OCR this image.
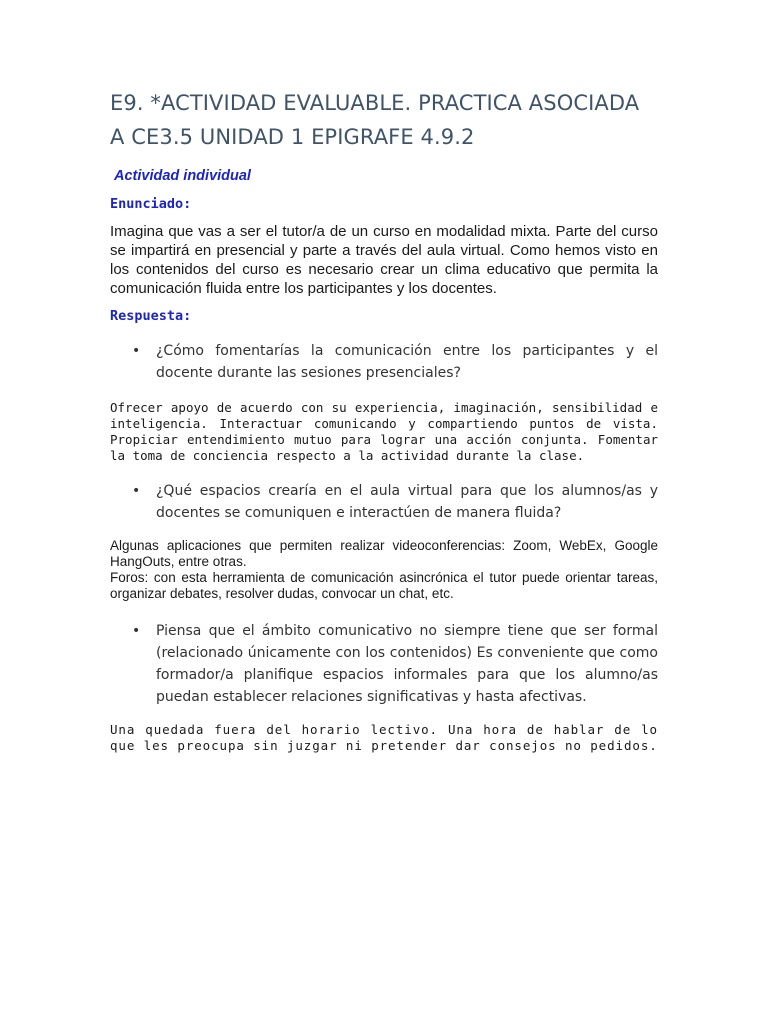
E9. *ACTIVIDAD EVALUABLE. PRACTICA ASOCIADA A CE3.5 UNIDAD 1 EPIGRAFE 4.9.2

Actividad individual

Enunciado:

Imagina que vas a ser el tutor/a de un curso en modalidad mixta. Parte del curso se impartirá en presencial y parte a través del aula virtual. Como hemos visto en los contenidos del curso es necesario crear un clima educativo que permita la comunicación fluida entre los participantes y los docentes.

Respuesta:

• ¿Cómo fomentarías la comunicación entre los participantes y el docente durante las sesiones presenciales?

Ofrecer apoyo de acuerdo con su experiencia, imaginación, sensibilidad e inteligencia. Interactuar comunicando y compartiendo puntos de vista. Propiciar entendimiento mutuo para lograr una acción conjunta. Fomentar la toma de conciencia respecto a la actividad durante la clase.

• ¿Qué espacios crearía en el aula virtual para que los alumnos/as y docentes se comuniquen e interactúen de manera fluida?
Algunas aplicaciones que permiten realizar videoconferencias: Zoom, WebEx, Google HangOuts, entre otras.
Foros: con esta herramienta de comunicación asincrónica el tutor puede orientar tareas, organizar debates, resolver dudas, convocar un chat, etc.
• Piensa que el ámbito comunicativo no siempre tiene que ser formal (relacionado únicamente con los contenidos) Es conveniente que como formador/a planifique espacios informales para que los alumno/as puedan establecer relaciones significativas y hasta afectivas.

Una quedada fuera del horario lectivo. Una hora de hablar de lo que les preocupa sin juzgar ni pretender dar consejos no pedidos.
